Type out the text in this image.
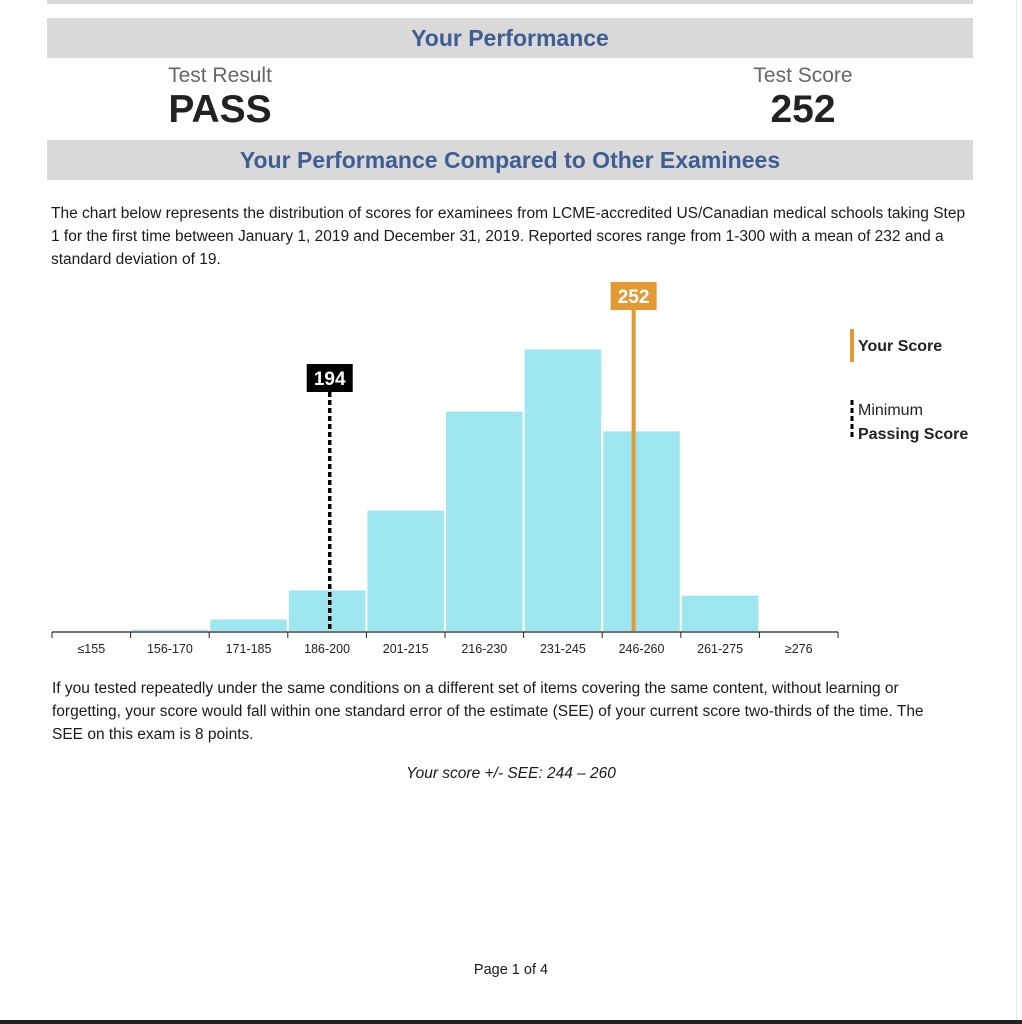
Your Performance
Test Result
PASS
Test Score
252
Your Performance Compared to Other Examinees
The chart below represents the distribution of scores for examinees from LCME-accredited US/Canadian medical schools taking Step 1 for the first time between January 1, 2019 and December 31, 2019. Reported scores range from 1-300 with a mean of 232 and a standard deviation of 19.
≤155	156-170	171-185	186-200	201-215	216-230	231-245	246-260	261-275	≥276
252
194
Your Score
Minimum
Passing Score
If you tested repeatedly under the same conditions on a different set of items covering the same content, without learning or forgetting, your score would fall within one standard error of the estimate (SEE) of your current score two-thirds of the time. The SEE on this exam is 8 points.
Your score +/- SEE: 244 – 260
Page 1 of 4
